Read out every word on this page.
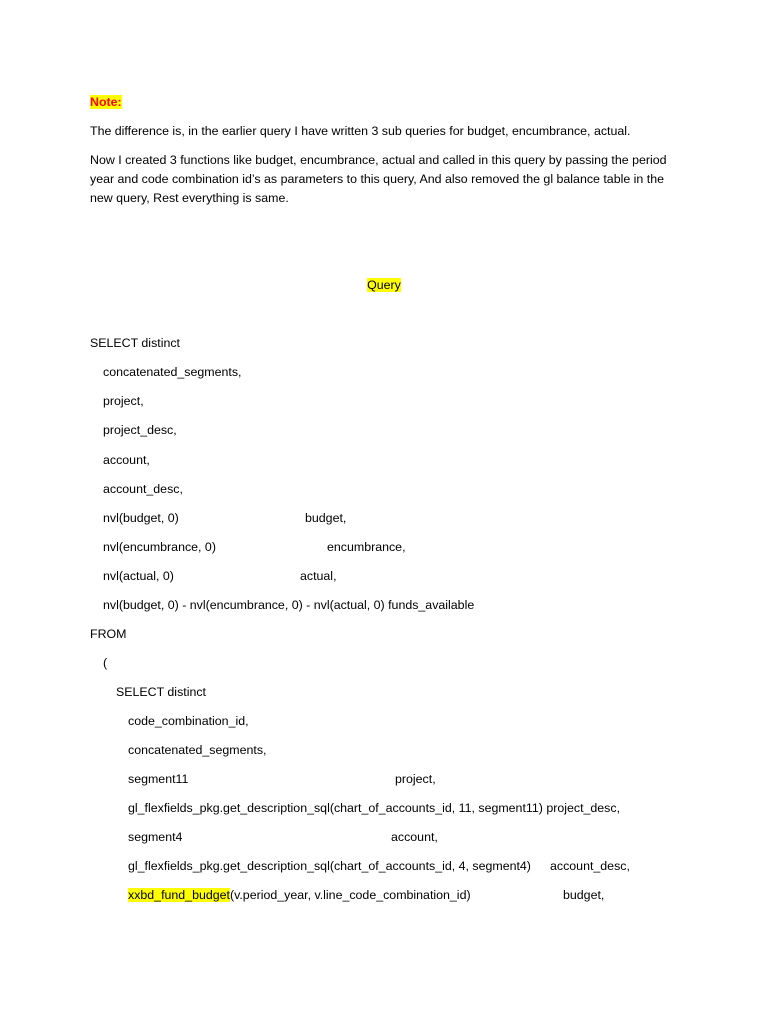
Note:
The difference is, in the earlier query I have written 3 sub queries for budget, encumbrance, actual.
Now I created 3 functions like budget, encumbrance, actual and called in this query by passing the period year and code combination id’s as parameters to this query, And also removed the gl balance table in the new query, Rest everything is same.
Query
SELECT distinct
concatenated_segments,
project,
project_desc,
account,
account_desc,
nvl(budget, 0)	budget,
nvl(encumbrance, 0)	encumbrance,
nvl(actual, 0)	actual,
nvl(budget, 0) - nvl(encumbrance, 0) - nvl(actual, 0) funds_available
FROM
(
SELECT distinct
code_combination_id,
concatenated_segments,
segment11	project,
gl_flexfields_pkg.get_description_sql(chart_of_accounts_id, 11, segment11) project_desc,
segment4	account,
gl_flexfields_pkg.get_description_sql(chart_of_accounts_id, 4, segment4) account_desc,
xxbd_fund_budget(v.period_year, v.line_code_combination_id)	budget,
